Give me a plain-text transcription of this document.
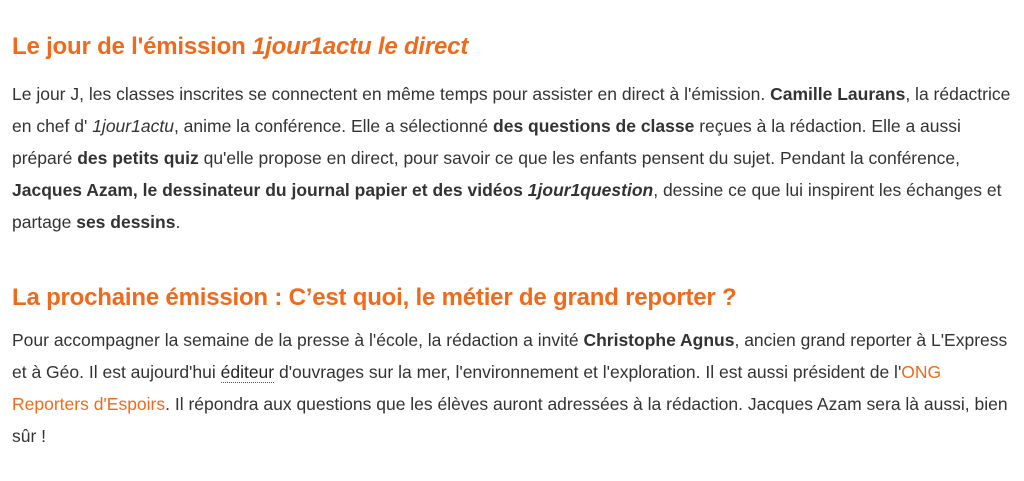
Le jour de l'émission 1jour1actu le direct

Le jour J, les classes inscrites se connectent en même temps pour assister en direct à l'émission. Camille Laurans, la rédactrice en chef d' 1jour1actu, anime la conférence. Elle a sélectionné des questions de classe reçues à la rédaction. Elle a aussi préparé des petits quiz qu'elle propose en direct, pour savoir ce que les enfants pensent du sujet. Pendant la conférence, Jacques Azam, le dessinateur du journal papier et des vidéos 1jour1question, dessine ce que lui inspirent les échanges et partage ses dessins.

La prochaine émission : C’est quoi, le métier de grand reporter ?

Pour accompagner la semaine de la presse à l'école, la rédaction a invité Christophe Agnus, ancien grand reporter à L'Express et à Géo. Il est aujourd'hui éditeur d'ouvrages sur la mer, l'environnement et l'exploration. Il est aussi président de l'ONG Reporters d'Espoirs. Il répondra aux questions que les élèves auront adressées à la rédaction. Jacques Azam sera là aussi, bien sûr !
